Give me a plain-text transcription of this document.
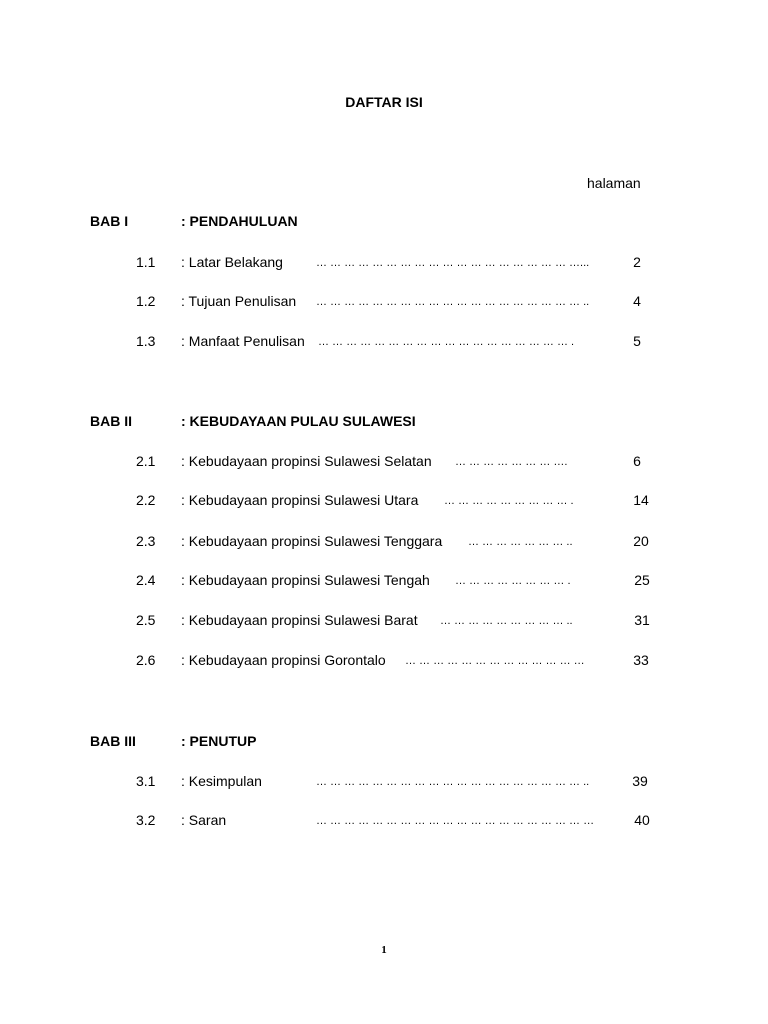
DAFTAR ISI
halaman
BAB I	: PENDAHULUAN
1.1 : Latar Belakang	… … … … … … … … … … … … … … … … … … …...	2
1.2 : Tujuan Penulisan … … … … … … … … … … … … … … … … … … … ..	4
1.3 : Manfaat Penulisan … … … … … … … … … … … … … … … … … … .	5
BAB II	: KEBUDAYAAN PULAU SULAWESI
2.1 : Kebudayaan propinsi Sulawesi Selatan … … … … … … … ….	6
2.2 : Kebudayaan propinsi Sulawesi Utara … … … … … … … … … .	14
2.3 : Kebudayaan propinsi Sulawesi Tenggara … … … … … … … ..	20
2.4 : Kebudayaan propinsi Sulawesi Tengah … … … … … … … … .	25
2.5 : Kebudayaan propinsi Sulawesi Barat … … … … … … … … … ..	31
2.6 : Kebudayaan propinsi Gorontalo … … … … … … … … … … … … …	33
BAB III	: PENUTUP
3.1 : Kesimpulan	… … … … … … … … … … … … … … … … … … … ..	39
3.2 : Saran	… … … … … … … … … … … … … … … … … … … …	40
1
